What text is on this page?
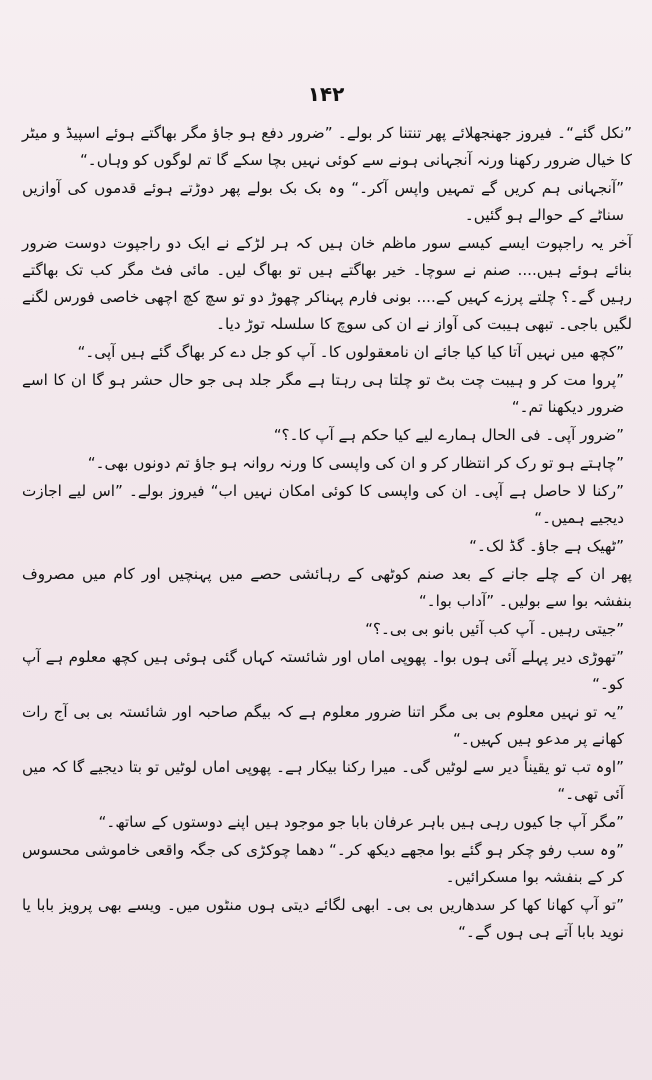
۱۴۲

”نکل گئے“۔ فیروز جھنجھلائے پھر تنتنا کر بولے۔ ”ضرور دفع ہو جاؤ مگر بھاگتے ہوئے اسپیڈ و میٹر کا خیال ضرور رکھنا ورنہ آنجہانی ہونے سے کوئی نہیں بچا سکے گا تم لوگوں کو وہاں۔“

”آنجہانی ہم کریں گے تمہیں واپس آکر۔“ وہ بک بک بولے پھر دوڑتے ہوئے قدموں کی آوازیں سناٹے کے حوالے ہو گئیں۔

آخر یہ راجپوت ایسے کیسے سور ماظم خان ہیں کہ ہر لڑکے نے ایک دو راجپوت دوست ضرور بنائے ہوئے ہیں.... صنم نے سوچا۔ خیر بھاگتے ہیں تو بھاگ لیں۔ مائی فٹ مگر کب تک بھاگتے رہیں گے۔؟ چلتے پرزے کہیں کے.... بونی فارم پہناکر چھوڑ دو تو سچ کچ اچھی خاصی فورس لگنے لگیں باجی۔ تبھی ہیبت کی آواز نے ان کی سوچ کا سلسلہ توڑ دیا۔

”کچھ میں نہیں آتا کیا کیا جائے ان نامعقولوں کا۔ آپ کو جل دے کر بھاگ گئے ہیں آپی۔“

”پروا مت کر و ہیبت چت بٹ تو چلتا ہی رہتا ہے مگر جلد ہی جو حال حشر ہو گا ان کا اسے ضرور دیکھنا تم۔“

”ضرور آپی۔ فی الحال ہمارے لیے کیا حکم ہے آپ کا۔؟“

”چاہتے ہو تو رک کر انتظار کر و ان کی واپسی کا ورنہ روانہ ہو جاؤ تم دونوں بھی۔“

”رکنا لا حاصل ہے آپی۔ ان کی واپسی کا کوئی امکان نہیں اب“ فیروز بولے۔ ”اس لیے اجازت دیجیے ہمیں۔“

”ٹھیک ہے جاؤ۔ گڈ لک۔“

پھر ان کے چلے جانے کے بعد صنم کوٹھی کے رہائشی حصے میں پہنچیں اور کام میں مصروف بنفشہ بوا سے بولیں۔ ”آداب بوا۔“

”جیتی رہیں۔ آپ کب آئیں بانو بی بی۔؟“

”تھوڑی دیر پہلے آئی ہوں بوا۔ پھوپی اماں اور شائستہ کہاں گئی ہوئی ہیں کچھ معلوم ہے آپ کو۔“

”یہ تو نہیں معلوم بی بی مگر اتنا ضرور معلوم ہے کہ بیگم صاحبہ اور شائستہ بی بی آج رات کھانے پر مدعو ہیں کہیں۔“

”اوہ تب تو یقیناً دیر سے لوٹیں گی۔ میرا رکنا بیکار ہے۔ پھوپی اماں لوٹیں تو بتا دیجیے گا کہ میں آئی تھی۔“

”مگر آپ جا کیوں رہی ہیں باہر عرفان بابا جو موجود ہیں اپنے دوستوں کے ساتھ۔“

”وہ سب رفو چکر ہو گئے بوا مجھے دیکھ کر۔“ دھما چوکڑی کی جگہ واقعی خاموشی محسوس کر کے بنفشہ بوا مسکرائیں۔

”تو آپ کھانا کھا کر سدھاریں بی بی۔ ابھی لگائے دیتی ہوں منٹوں میں۔ ویسے بھی پرویز بابا یا نوید بابا آتے ہی ہوں گے۔“
